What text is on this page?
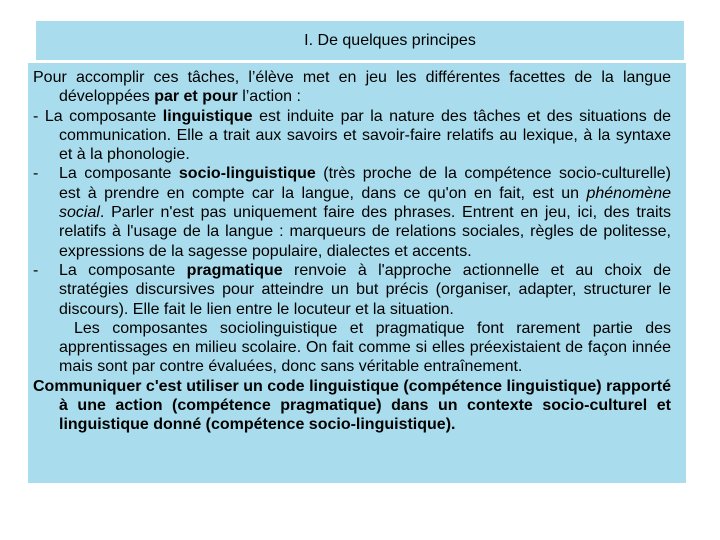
I. De quelques principes

Pour accomplir ces tâches, l’élève met en jeu les différentes facettes de la langue développées par et pour l’action :

- La composante linguistique est induite par la nature des tâches et des situations de communication. Elle a trait aux savoirs et savoir-faire relatifs au lexique, à la syntaxe et à la phonologie.

- La composante socio-linguistique (très proche de la compétence socio-culturelle) est à prendre en compte car la langue, dans ce qu'on en fait, est un phénomène social. Parler n'est pas uniquement faire des phrases. Entrent en jeu, ici, des traits relatifs à l'usage de la langue : marqueurs de relations sociales, règles de politesse, expressions de la sagesse populaire, dialectes et accents.

- La composante pragmatique renvoie à l'approche actionnelle et au choix de stratégies discursives pour atteindre un but précis (organiser, adapter, structurer le discours). Elle fait le lien entre le locuteur et la situation.

Les composantes sociolinguistique et pragmatique font rarement partie des apprentissages en milieu scolaire. On fait comme si elles préexistaient de façon innée mais sont par contre évaluées, donc sans véritable entraînement.

Communiquer c'est utiliser un code linguistique (compétence linguistique) rapporté à une action (compétence pragmatique) dans un contexte socio-culturel et linguistique donné (compétence socio-linguistique).
